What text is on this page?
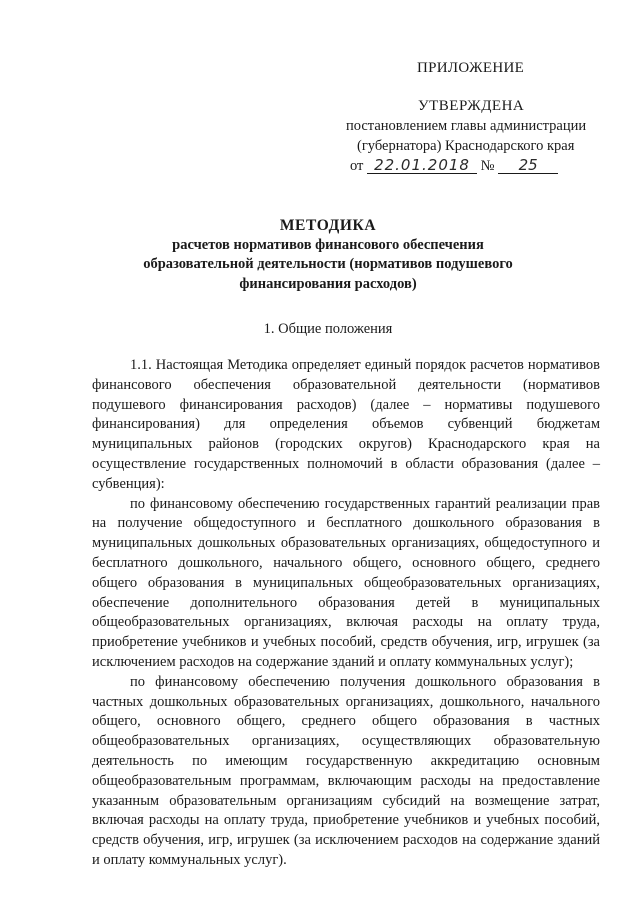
ПРИЛОЖЕНИЕ
УТВЕРЖДЕНА
постановлением главы администрации
(губернатора) Краснодарского края
от 22.01.2018 № 25
МЕТОДИКА
расчетов нормативов финансового обеспечения
образовательной деятельности (нормативов подушевого
финансирования расходов)
1. Общие положения

1.1. Настоящая Методика определяет единый порядок расчетов нормативов финансового обеспечения образовательной деятельности (нормативов подушевого финансирования расходов) (далее – нормативы подушевого финансирования) для определения объемов субвенций бюджетам муниципальных районов (городских округов) Краснодарского края на осуществление государственных полномочий в области образования (далее – субвенция):

по финансовому обеспечению государственных гарантий реализации прав на получение общедоступного и бесплатного дошкольного образования в муниципальных дошкольных образовательных организациях, общедоступного и бесплатного дошкольного, начального общего, основного общего, среднего общего образования в муниципальных общеобразовательных организациях, обеспечение дополнительного образования детей в муниципальных общеобразовательных организациях, включая расходы на оплату труда, приобретение учебников и учебных пособий, средств обучения, игр, игрушек (за исключением расходов на содержание зданий и оплату коммунальных услуг);

по финансовому обеспечению получения дошкольного образования в частных дошкольных образовательных организациях, дошкольного, начального общего, основного общего, среднего общего образования в частных общеобразовательных организациях, осуществляющих образовательную деятельность по имеющим государственную аккредитацию основным общеобразовательным программам, включающим расходы на предоставление указанным образовательным организациям субсидий на возмещение затрат, включая расходы на оплату труда, приобретение учебников и учебных пособий, средств обучения, игр, игрушек (за исключением расходов на содержание зданий и оплату коммунальных услуг).
